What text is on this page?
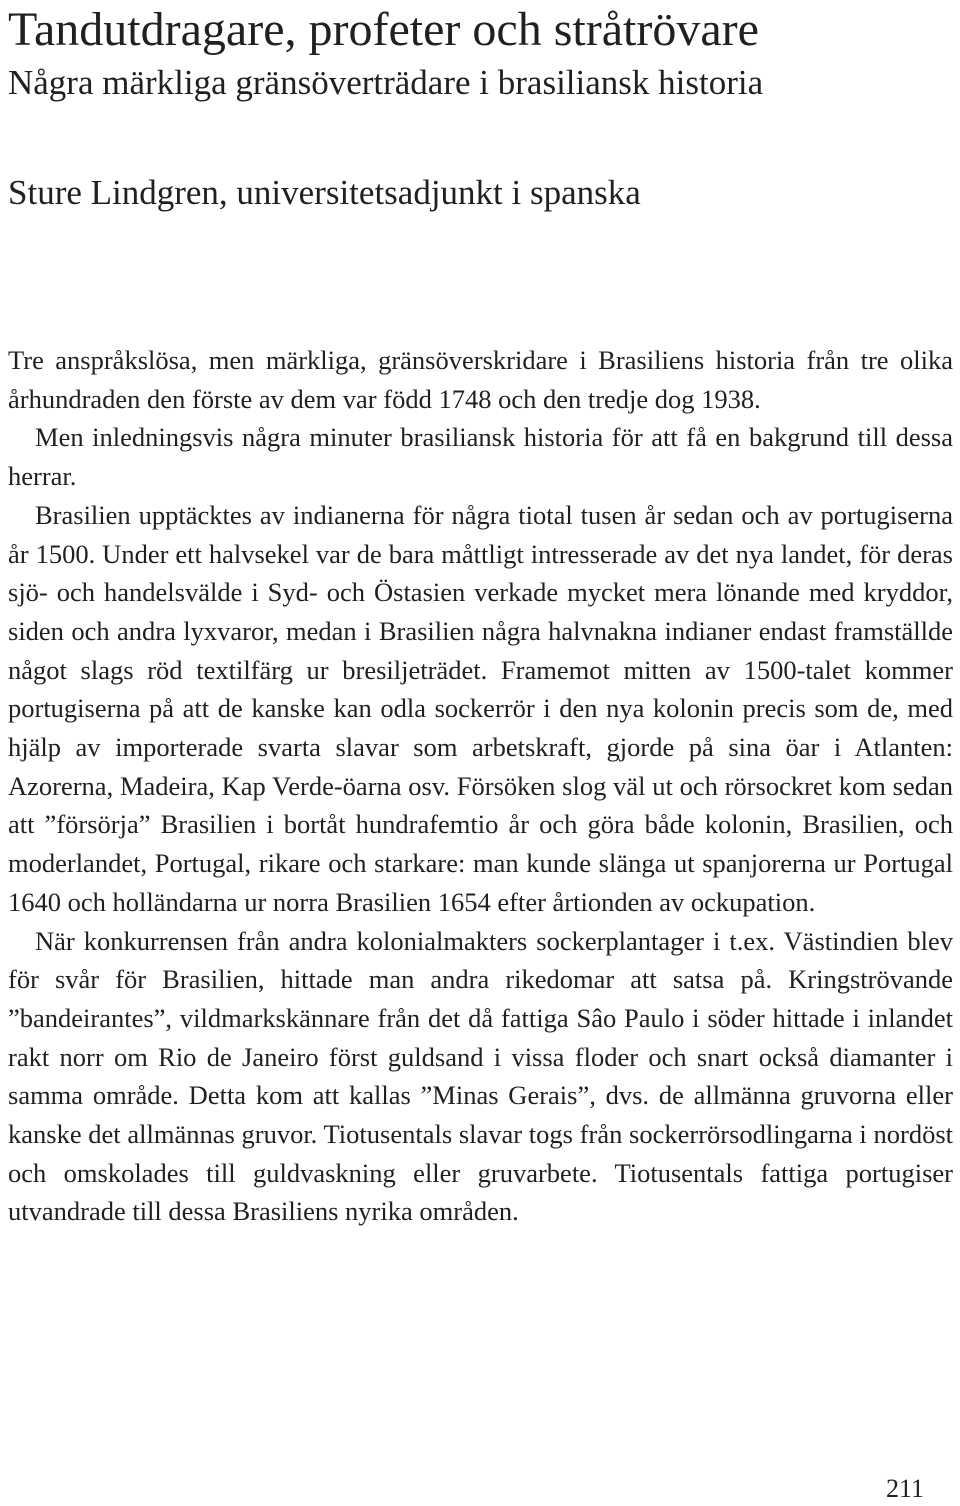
Tandutdragare, profeter och stråtrövare
Några märkliga gränsöverträdare i brasiliansk historia
Sture Lindgren, universitetsadjunkt i spanska

Tre anspråkslösa, men märkliga, gränsöverskridare i Brasiliens historia från tre olika århundraden den förste av dem var född 1748 och den tredje dog 1938.

Men inledningsvis några minuter brasiliansk historia för att få en bakgrund till dessa herrar.

Brasilien upptäcktes av indianerna för några tiotal tusen år sedan och av portugiserna år 1500. Under ett halvsekel var de bara måttligt intresserade av det nya landet, för deras sjö- och handelsvälde i Syd- och Östasien verkade mycket mera lönande med kryddor, siden och andra lyxvaror, medan i Brasilien några halvnakna indianer endast framställde något slags röd textilfärg ur bresiljeträdet. Framemot mitten av 1500-talet kommer portugiserna på att de kanske kan odla sockerrör i den nya kolonin precis som de, med hjälp av importerade svarta slavar som arbetskraft, gjorde på sina öar i Atlanten: Azorerna, Madeira, Kap Verde-öarna osv. Försöken slog väl ut och rörsockret kom sedan att ”försörja” Brasilien i bortåt hundrafemtio år och göra både kolonin, Brasilien, och moderlandet, Portugal, rikare och starkare: man kunde slänga ut spanjorerna ur Portugal 1640 och holländarna ur norra Brasilien 1654 efter årtionden av ockupation.

När konkurrensen från andra kolonialmakters sockerplantager i t.ex. Västindien blev för svår för Brasilien, hittade man andra rikedomar att satsa på. Kringströvande ”bandeirantes”, vildmarkskännare från det då fattiga Sâo Paulo i söder hittade i inlandet rakt norr om Rio de Janeiro först guldsand i vissa floder och snart också diamanter i samma område. Detta kom att kallas ”Minas Gerais”, dvs. de allmänna gruvorna eller kanske det allmännas gruvor. Tiotusentals slavar togs från sockerrörsodlingarna i nordöst och omskolades till guldvaskning eller gruvarbete. Tiotusentals fattiga portugiser utvandrade till dessa Brasiliens nyrika områden.

211
